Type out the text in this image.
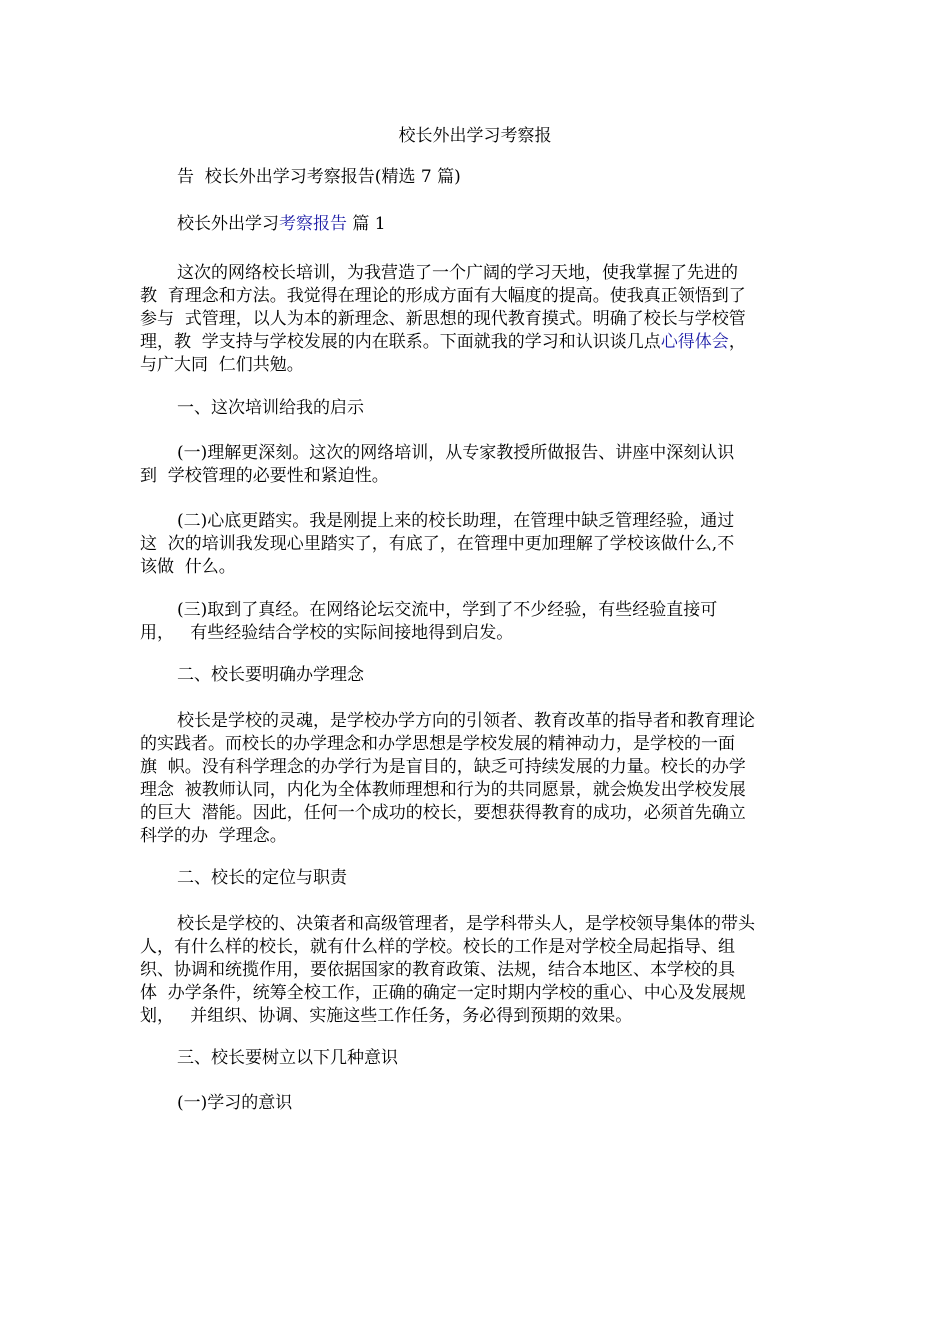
校长外出学习考察报

告  校长外出学习考察报告(精选 7 篇)

校长外出学习考察报告 篇 1

这次的网络校长培训，为我营造了一个广阔的学习天地，使我掌握了先进的

教  育理念和方法。我觉得在理论的形成方面有大幅度的提高。使我真正领悟到了

参与  式管理，以人为本的新理念、新思想的现代教育摸式。明确了校长与学校管

理，教  学支持与学校发展的内在联系。下面就我的学习和认识谈几点心得体会，

与广大同  仁们共勉。

一、这次培训给我的启示

(一)理解更深刻。这次的网络培训，从专家教授所做报告、讲座中深刻认识

到  学校管理的必要性和紧迫性。

(二)心底更踏实。我是刚提上来的校长助理，在管理中缺乏管理经验，通过

这  次的培训我发现心里踏实了，有底了，在管理中更加理解了学校该做什么,不

该做  什么。

(三)取到了真经。在网络论坛交流中，学到了不少经验，有些经验直接可

用，   有些经验结合学校的实际间接地得到启发。

二、校长要明确办学理念

校长是学校的灵魂，是学校办学方向的引领者、教育改革的指导者和教育理论

的实践者。而校长的办学理念和办学思想是学校发展的精神动力，是学校的一面

旗  帜。没有科学理念的办学行为是盲目的，缺乏可持续发展的力量。校长的办学

理念  被教师认同，内化为全体教师理想和行为的共同愿景，就会焕发出学校发展

的巨大  潜能。因此，任何一个成功的校长，要想获得教育的成功，必须首先确立

科学的办  学理念。

二、校长的定位与职责

校长是学校的、决策者和高级管理者，是学科带头人，是学校领导集体的带头

人，有什么样的校长，就有什么样的学校。校长的工作是对学校全局起指导、组

织、协调和统揽作用，要依据国家的教育政策、法规，结合本地区、本学校的具

体  办学条件，统筹全校工作，正确的确定一定时期内学校的重心、中心及发展规

划，   并组织、协调、实施这些工作任务，务必得到预期的效果。

三、校长要树立以下几种意识

(一)学习的意识
